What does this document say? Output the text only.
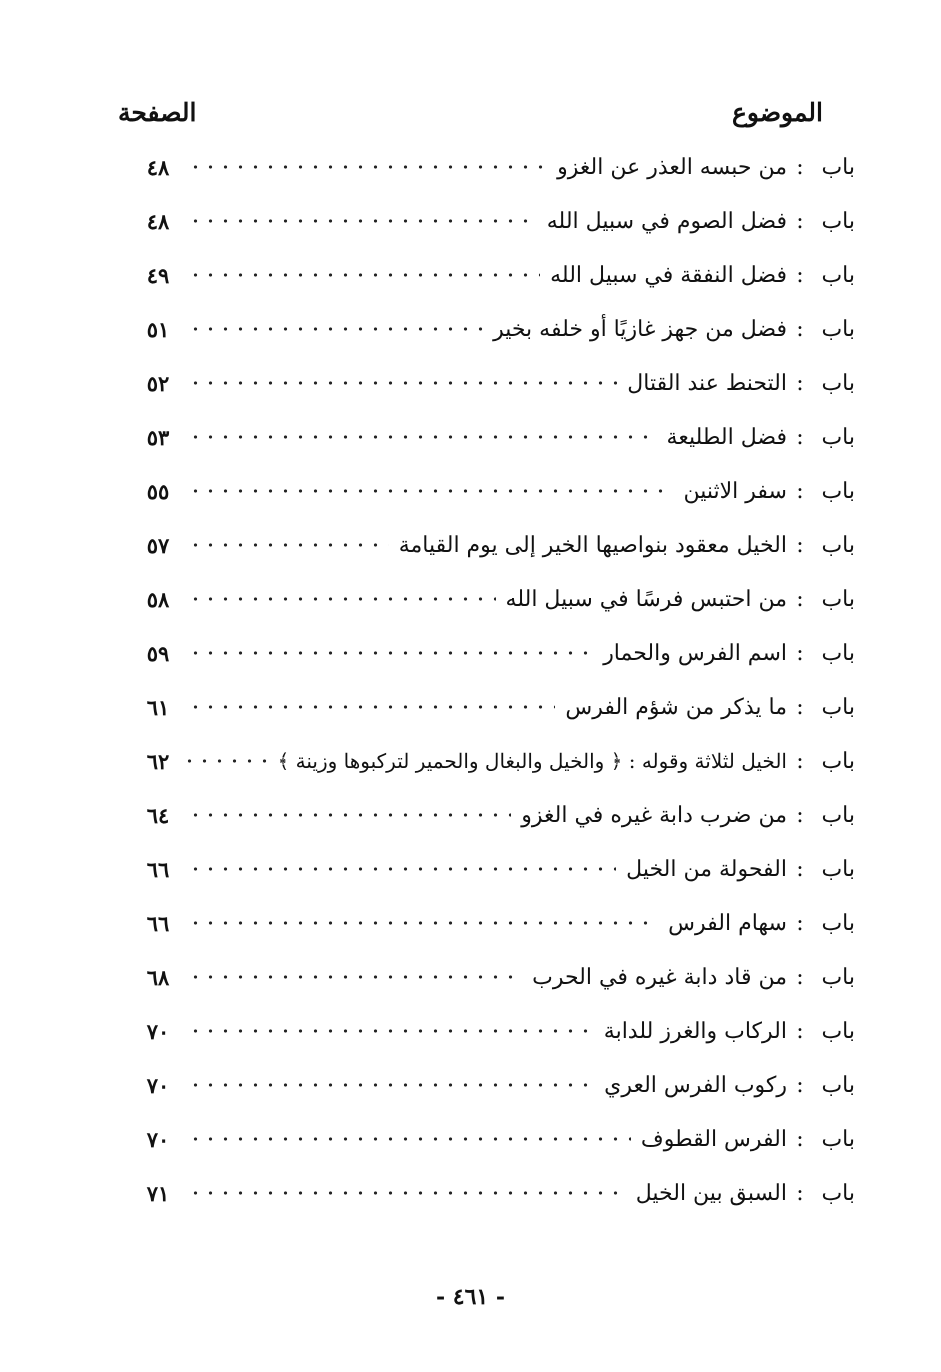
الموضوع
الصفحة
باب
:
من حبسه العذر عن الغزو
٤٨
باب
:
فضل الصوم في سبيل الله
٤٨
باب
:
فضل النفقة في سبيل الله
٤٩
باب
:
فضل من جهز غازيًا أو خلفه بخير
٥١
باب
:
التحنط عند القتال
٥٢
باب
:
فضل الطليعة
٥٣
باب
:
سفر الاثنين
٥٥
باب
:
الخيل معقود بنواصيها الخير إلى يوم القيامة
٥٧
باب
:
من احتبس فرسًا في سبيل الله
٥٨
باب
:
اسم الفرس والحمار
٥٩
باب
:
ما يذكر من شؤم الفرس
٦١
باب
:
الخيل لثلاثة وقوله : ﴿ والخيل والبغال والحمير لتركبوها وزينة ﴾
٦٢
باب
:
من ضرب دابة غيره في الغزو
٦٤
باب
:
الفحولة من الخيل
٦٦
باب
:
سهام الفرس
٦٦
باب
:
من قاد دابة غيره في الحرب
٦٨
باب
:
الركاب والغرز للدابة
٧٠
باب
:
ركوب الفرس العري
٧٠
باب
:
الفرس القطوف
٧٠
باب
:
السبق بين الخيل
٧١
- ٤٦١ -
